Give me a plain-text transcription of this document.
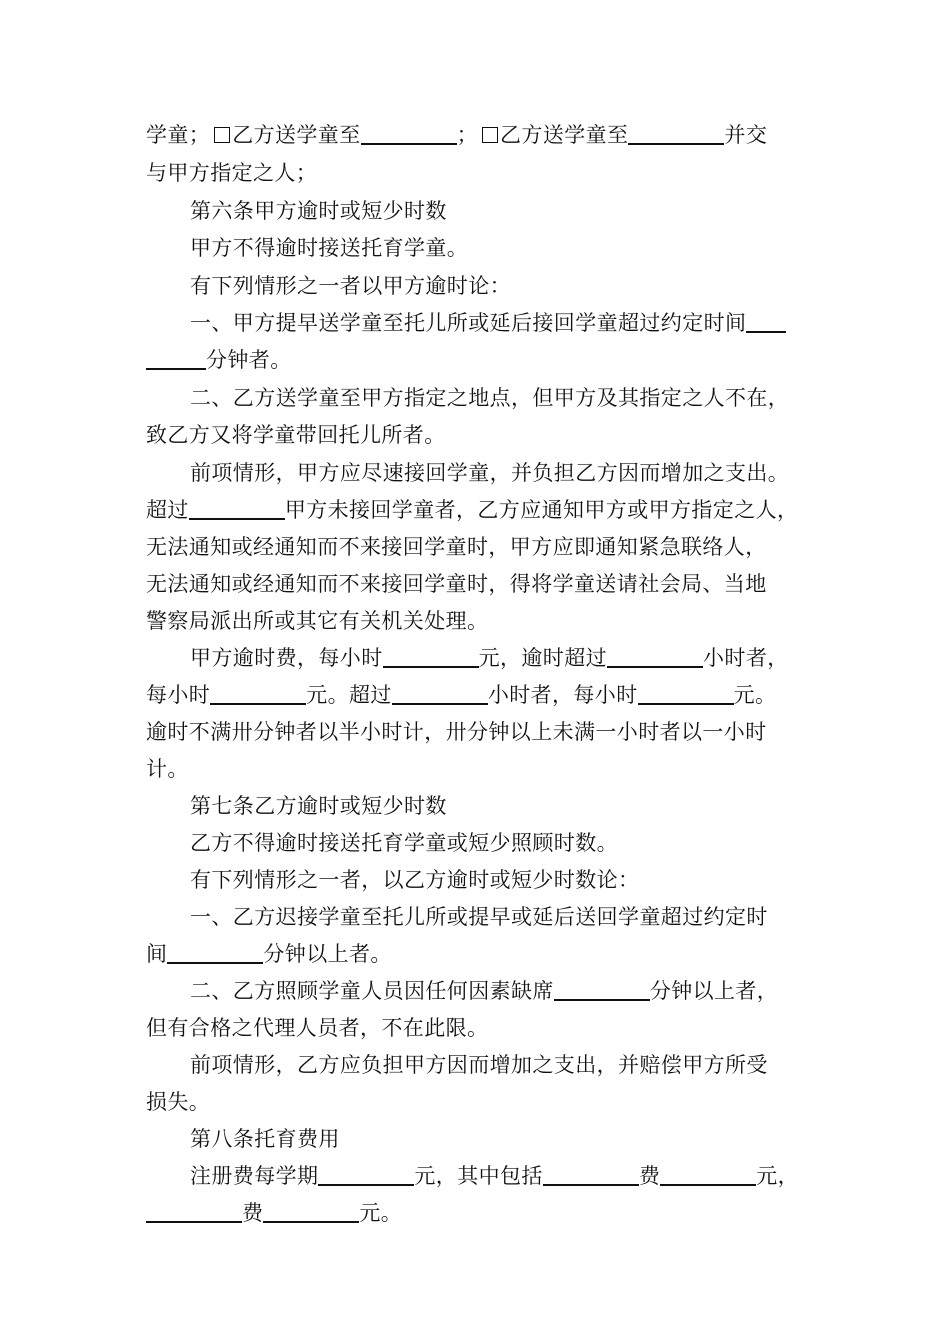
学童； 乙方送学童至	； 乙方送学童至	并交
与甲方指定之人；
第六条甲方逾时或短少时数
甲方不得逾时接送托育学童。
有下列情形之一者以甲方逾时论：
一、甲方提早送学童至托儿所或延后接回学童超过约定时间
分钟者。
二、乙方送学童至甲方指定之地点，但甲方及其指定之人不在，
致乙方又将学童带回托儿所者。
前项情形，甲方应尽速接回学童，并负担乙方因而增加之支出。
超过	甲方未接回学童者，乙方应通知甲方或甲方指定之人，
无法通知或经通知而不来接回学童时，甲方应即通知紧急联络人，
无法通知或经通知而不来接回学童时，得将学童送请社会局、当地
警察局派出所或其它有关机关处理。
甲方逾时费，每小时	元，逾时超过	小时者，
每小时	元。超过	小时者，每小时	元。
逾时不满卅分钟者以半小时计，卅分钟以上未满一小时者以一小时
计。
第七条乙方逾时或短少时数
乙方不得逾时接送托育学童或短少照顾时数。
有下列情形之一者，以乙方逾时或短少时数论：
一、乙方迟接学童至托儿所或提早或延后送回学童超过约定时
间	分钟以上者。
二、乙方照顾学童人员因任何因素缺席	分钟以上者，
但有合格之代理人员者，不在此限。
前项情形，乙方应负担甲方因而增加之支出，并赔偿甲方所受
损失。
第八条托育费用
注册费每学期	元，其中包括	费	元，
费	元。
